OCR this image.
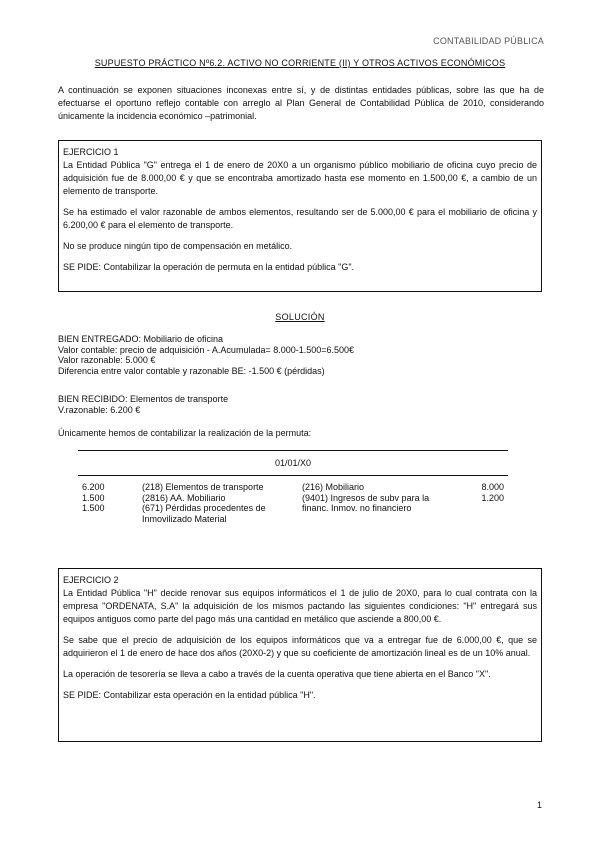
CONTABILIDAD PÚBLICA
SUPUESTO PRÁCTICO Nº6.2. ACTIVO NO CORRIENTE (II) Y OTROS ACTIVOS ECONÓMICOS
A continuación se exponen situaciones inconexas entre sí, y de distintas entidades públicas, sobre las que ha de efectuarse el oportuno reflejo contable con arreglo al Plan General de Contabilidad Pública de 2010, considerando únicamente la incidencia económico –patrimonial.

EJERCICIO 1

La Entidad Pública "G" entrega el 1 de enero de 20X0 a un organismo público mobiliario de oficina cuyo precio de adquisición fue de 8.000,00 € y que se encontraba amortizado hasta ese momento en 1.500,00 €, a cambio de un elemento de transporte.

Se ha estimado el valor razonable de ambos elementos, resultando ser de 5.000,00 € para el mobiliario de oficina y 6.200,00 € para el elemento de transporte.

No se produce ningún tipo de compensación en metálico.

SE PIDE: Contabilizar la operación de permuta en la entidad pública "G".

SOLUCIÓN
BIEN ENTREGADO: Mobiliario de oficina
Valor contable: precio de adquisición - A.Acumulada= 8.000-1.500=6.500€
Valor razonable: 5.000 €
Diferencia entre valor contable y razonable BE: -1.500 € (pérdidas)
BIEN RECIBIDO: Elementos de transporte
V.razonable: 6.200 €
Únicamente hemos de contabilizar la realización de la permuta:
01/01/X0
6.200
1.500
1.500
(218) Elementos de transporte
(2816) AA. Mobiliario
(671) Pérdidas procedentes de
Inmovilizado Material
(216) Mobiliario
(9401) Ingresos de subv para la
financ. Inmov. no financiero
8.000
1.200

EJERCICIO 2

La Entidad Pública "H" decide renovar sus equipos informáticos el 1 de julio de 20X0, para lo cual contrata con la empresa "ORDENATA, S.A" la adquisición de los mismos pactando las siguientes condiciones: "H" entregará sus equipos antiguos como parte del pago más una cantidad en metálico que asciende a 800,00 €.

Se sabe que el precio de adquisición de los equipos informáticos que va a entregar fue de 6.000,00 €, que se adquirieron el 1 de enero de hace dos años (20X0-2) y que su coeficiente de amortización lineal es de un 10% anual.

La operación de tesorería se lleva a cabo a través de la cuenta operativa que tiene abierta en el Banco "X".

SE PIDE: Contabilizar esta operación en la entidad pública "H".

1
